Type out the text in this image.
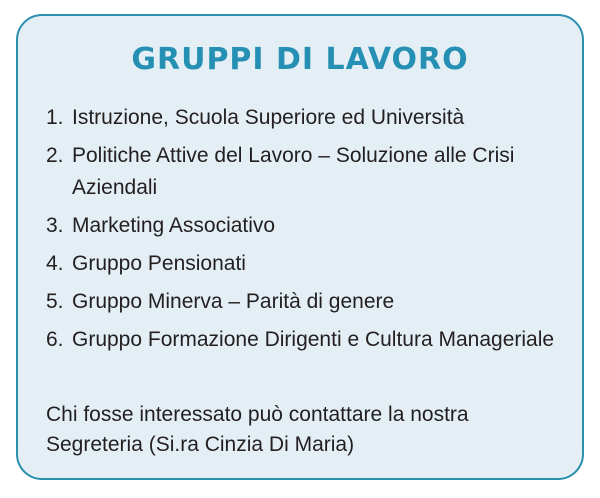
GRUPPI DI LAVORO
1. Istruzione, Scuola Superiore ed Università
2. Politiche Attive del Lavoro – Soluzione alle Crisi Aziendali
3. Marketing Associativo
4. Gruppo Pensionati
5. Gruppo Minerva – Parità di genere
6. Gruppo Formazione Dirigenti e Cultura Manageriale

Chi fosse interessato può contattare la nostra Segreteria (Si.ra Cinzia Di Maria)
